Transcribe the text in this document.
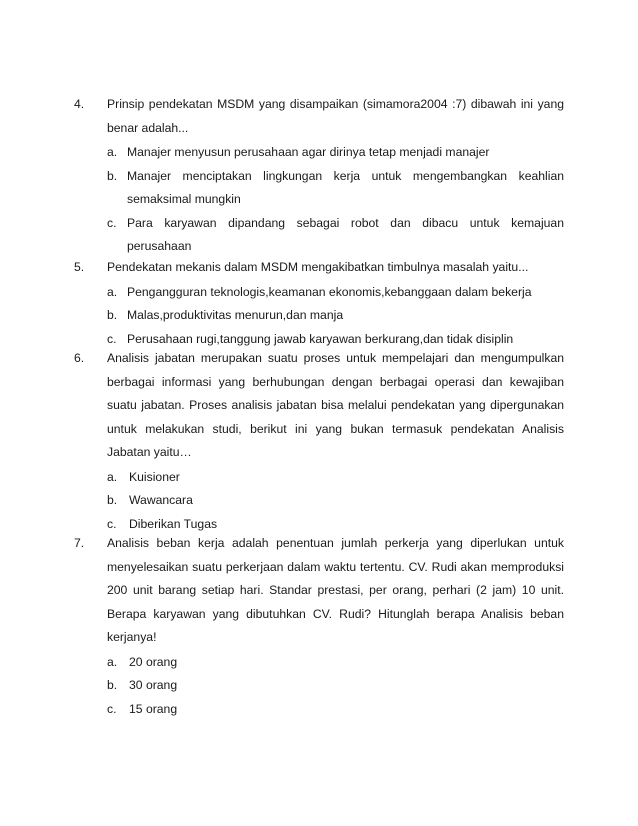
4.	Prinsip pendekatan MSDM yang disampaikan (simamora2004 :7) dibawah ini yang benar adalah...
a. Manajer menyusun perusahaan agar dirinya tetap menjadi manajer
b. Manajer menciptakan lingkungan kerja untuk mengembangkan keahlian semaksimal mungkin
c. Para karyawan dipandang sebagai robot dan dibacu untuk kemajuan perusahaan
5.	Pendekatan mekanis dalam MSDM mengakibatkan timbulnya masalah yaitu...
a. Pengangguran teknologis,keamanan ekonomis,kebanggaan dalam bekerja
b. Malas,produktivitas menurun,dan manja
c. Perusahaan rugi,tanggung jawab karyawan berkurang,dan tidak disiplin
6.	Analisis jabatan merupakan suatu proses untuk mempelajari dan mengumpulkan berbagai informasi yang berhubungan dengan berbagai operasi dan kewajiban suatu jabatan. Proses analisis jabatan bisa melalui pendekatan yang dipergunakan untuk melakukan studi, berikut ini yang bukan termasuk pendekatan Analisis Jabatan yaitu…
a. Kuisioner
b. Wawancara
c. Diberikan Tugas
7.	Analisis beban kerja adalah penentuan jumlah perkerja yang diperlukan untuk menyelesaikan suatu perkerjaan dalam waktu tertentu. CV. Rudi akan memproduksi 200 unit barang setiap hari. Standar prestasi, per orang, perhari (2 jam) 10 unit. Berapa karyawan yang dibutuhkan CV. Rudi? Hitunglah berapa Analisis beban kerjanya!
a. 20 orang
b. 30 orang
c. 15 orang
